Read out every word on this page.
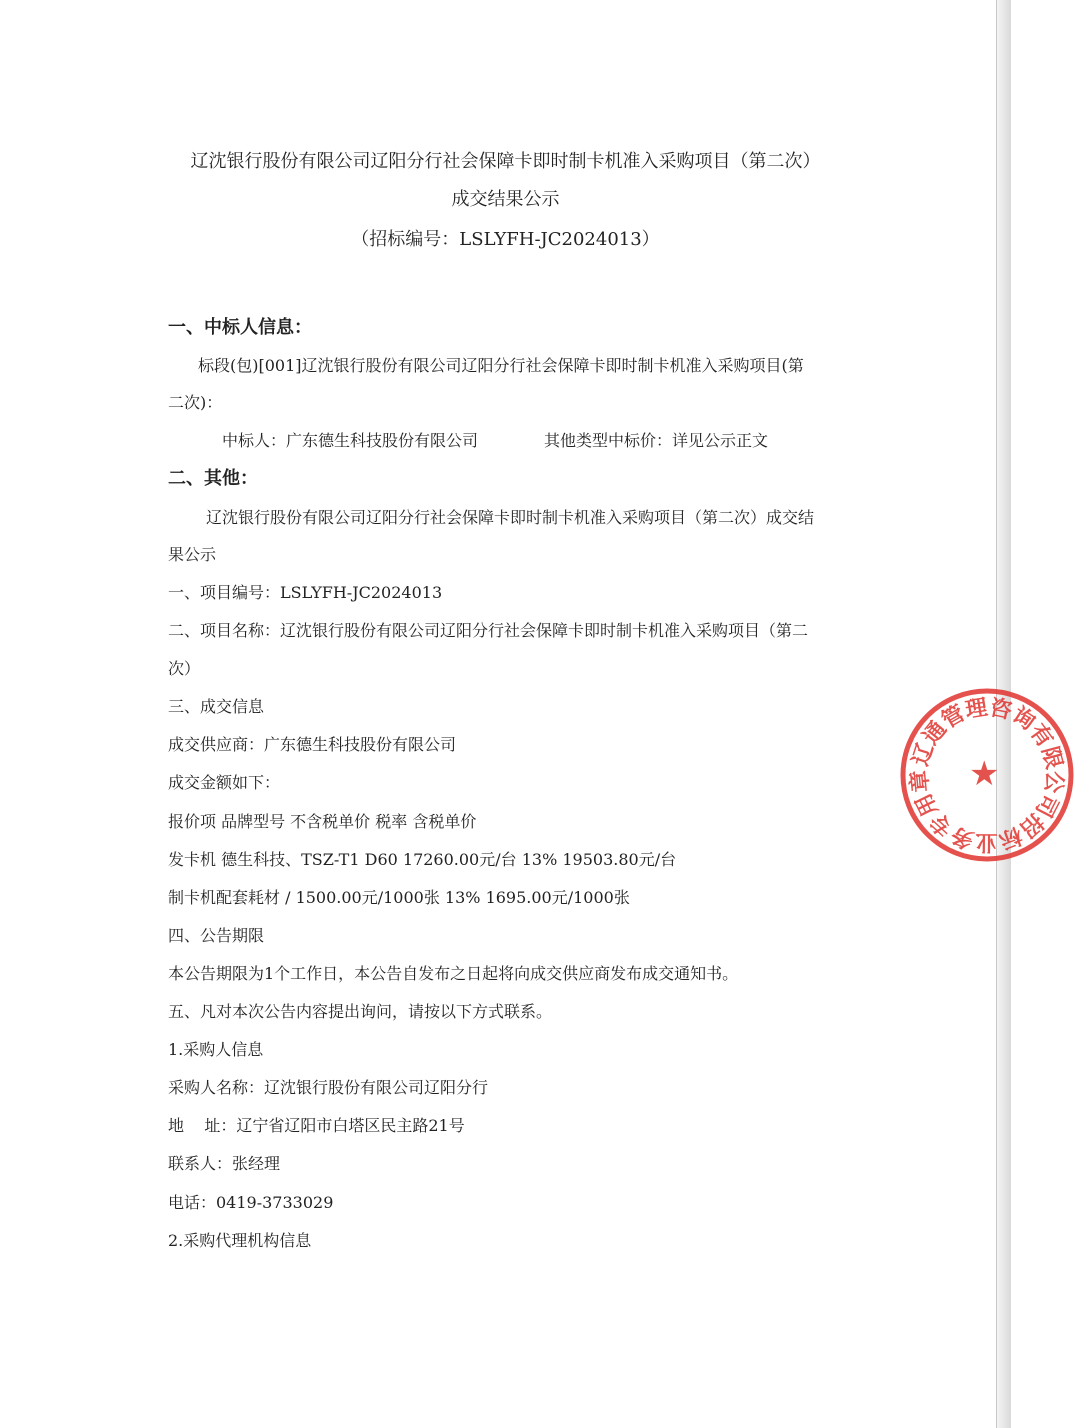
辽沈银行股份有限公司辽阳分行社会保障卡即时制卡机准入采购项目（第二次）
成交结果公示
（招标编号：LSLYFH-JC2024013）
一、中标人信息：
标段(包)[001]辽沈银行股份有限公司辽阳分行社会保障卡即时制卡机准入采购项目(第
二次)：
中标人：广东德生科技股份有限公司	其他类型中标价：详见公示正文
二、其他：
辽沈银行股份有限公司辽阳分行社会保障卡即时制卡机准入采购项目（第二次）成交结
果公示
一、项目编号：LSLYFH-JC2024013
二、项目名称：辽沈银行股份有限公司辽阳分行社会保障卡即时制卡机准入采购项目（第二
次）
三、成交信息
成交供应商：广东德生科技股份有限公司
成交金额如下：
报价项 品牌型号 不含税单价 税率 含税单价
发卡机 德生科技、TSZ-T1 D60 17260.00元/台 13% 19503.80元/台
制卡机配套耗材 / 1500.00元/1000张 13% 1695.00元/1000张
四、公告期限
本公告期限为1个工作日，本公告自发布之日起将向成交供应商发布成交通知书。
五、凡对本次公告内容提出询问，请按以下方式联系。
1.采购人信息
采购人名称：辽沈银行股份有限公司辽阳分行
地    址：辽宁省辽阳市白塔区民主路21号
联系人：张经理
电话：0419-3733029
2.采购代理机构信息
辽通管理咨询有限公司招标业务专用章	★
